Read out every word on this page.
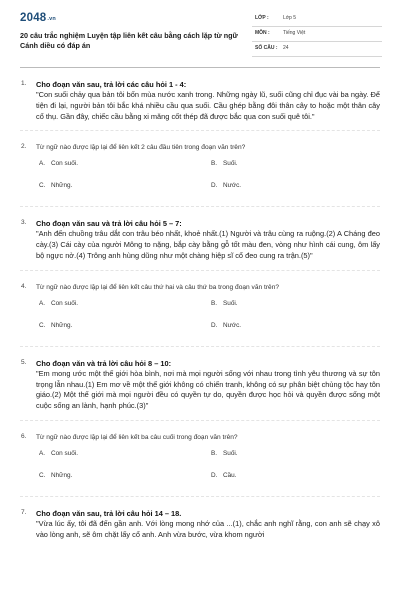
2048.vn
20 câu trắc nghiệm Luyện tập liên kết câu bằng cách lặp từ ngữ Cánh diều có đáp án
LỚP :	Lớp 5
MÔN :	Tiếng Việt
SỐ CÂU : 24
1. Cho đoạn văn sau, trả lời các câu hỏi 1 - 4:
"Con suối chảy qua bản tôi bốn mùa nước xanh trong. Những ngày lũ, suối cũng chỉ đục vài ba ngày. Để tiện đi lại, người bản tôi bắc khá nhiều cầu qua suối. Cầu ghép bằng đôi thân cây to hoặc một thân cây cổ thụ. Gần đây, chiếc cầu bằng xi măng cốt thép đã được bắc qua con suối quê tôi."
2. Từ ngữ nào được lặp lại để liên kết 2 câu đầu tiên trong đoạn văn trên?
A. Con suối.	B. Suối.
C. Những.	D. Nước.
3. Cho đoạn văn sau và trả lời câu hỏi 5 – 7:
"Anh đến chuồng trâu dắt con trâu béo nhất, khoẻ nhất.(1) Người và trâu cùng ra ruộng.(2) A Cháng đeo cày.(3) Cái cày của người Mông to nặng, bắp cày bằng gỗ tốt màu đen, vòng như hình cái cung, ôm lấy bộ ngực nở.(4) Trông anh hùng dũng như một chàng hiệp sĩ cổ đeo cung ra trận.(5)"
4. Từ ngữ nào được lặp lại để liên kết câu thứ hai và câu thứ ba trong đoạn văn trên?
A. Con suối.	B. Suối.
C. Những.	D. Nước.
5. Cho đoạn văn và trả lời câu hỏi 8 – 10:
"Em mong ước một thế giới hòa bình, nơi mà mọi người sống với nhau trong tình yêu thương và sự tôn trọng lẫn nhau.(1) Em mơ về một thế giới không có chiến tranh, không có sự phân biệt chủng tộc hay tôn giáo.(2) Một thế giới mà mọi người đều có quyền tự do, quyền được học hỏi và quyền được sống một cuộc sống an lành, hạnh phúc.(3)"
6. Từ ngữ nào được lặp lại để liên kết ba câu cuối trong đoạn văn trên?
A. Con suối.	B. Suối.
C. Những.	D. Cầu.
7. Cho đoạn văn sau, trả lời câu hỏi 14 – 18.
"Vừa lúc ấy, tôi đã đến gần anh. Với lòng mong nhớ của ...(1), chắc anh nghĩ rằng, con anh sẽ chạy xô vào lòng anh, sẽ ôm chặt lấy cổ anh. Anh vừa bước, vừa khom người
